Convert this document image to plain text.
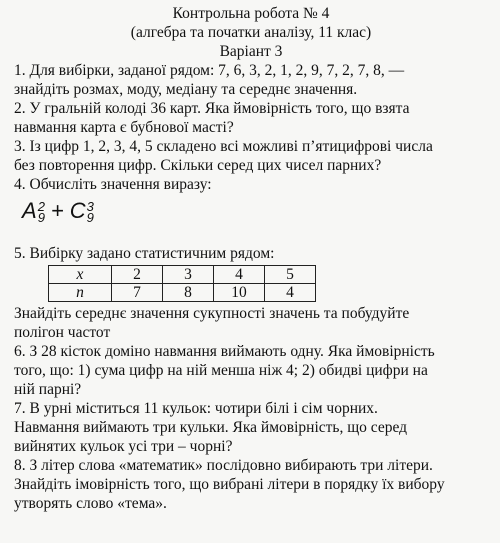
Контрольна робота № 4
(алгебра та початки аналізу, 11 клас)
Варіант 3

1. Для вибірки, заданої рядом: 7, 6, 3, 2, 1, 2, 9, 7, 2, 7, 8, —

знайдіть розмах, моду, медіану та середнє значення.

2. У гральній колоді 36 карт. Яка ймовірність того, що взята

навмання карта є бубнової масті?

3. Із цифр 1, 2, 3, 4, 5 складено всі можливі п’ятицифрові числа

без повторення цифр. Скільки серед цих чисел парних?

4. Обчисліть значення виразу:

A 2
9 + C 3
9

5. Вибірку задано статистичним рядом:

x	2	3	4	5
n	7	8	10	4

Знайдіть середнє значення сукупності значень та побудуйте

полігон частот

6. З 28 кісток доміно навмання виймають одну. Яка ймовірність

того, що: 1) сума цифр на ній менша ніж 4; 2) обидві цифри на

ній парні?

7. В урні міститься 11 кульок: чотири білі і сім чорних.

Навмання виймають три кульки. Яка ймовірність, що серед

вийнятих кульок усі три – чорні?

8. З літер слова «математик» послідовно вибирають три літери.

Знайдіть імовірність того, що вибрані літери в порядку їх вибору

утворять слово «тема».
